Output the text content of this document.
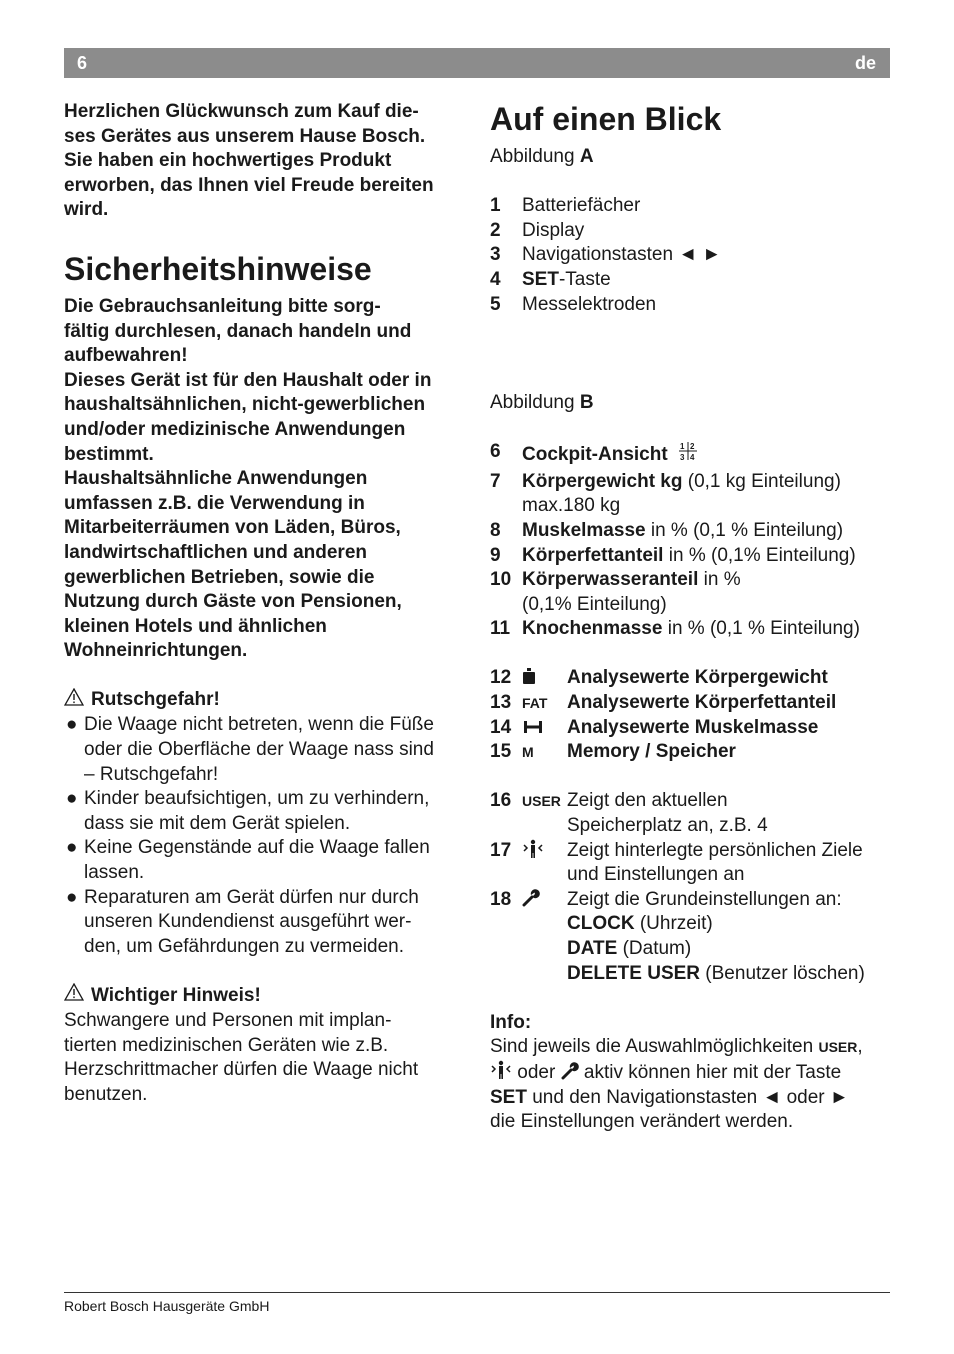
6	de
Herzlichen Glückwunsch zum Kauf die-
ses Gerätes aus unserem Hause Bosch.
Sie haben ein hochwertiges Produkt
erworben, das Ihnen viel Freude bereiten
wird.
Sicherheitshinweise
Die Gebrauchsanleitung bitte sorg-
fältig durchlesen, danach handeln und
aufbewahren!
Dieses Gerät ist für den Haushalt oder in
haushaltsähnlichen, nicht-gewerblichen
und/oder medizinische Anwendungen
bestimmt.
Haushaltsähnliche Anwendungen
umfassen z.B. die Verwendung in
Mitarbeiterräumen von Läden, Büros,
landwirtschaftlichen und anderen
gewerblichen Betrieben, sowie die
Nutzung durch Gäste von Pensionen,
kleinen Hotels und ähnlichen
Wohneinrichtungen.
Rutschgefahr!
● Die Waage nicht betreten, wenn die Füße
oder die Oberfläche der Waage nass sind
– Rutschgefahr!
● Kinder beaufsichtigen, um zu verhindern,
dass sie mit dem Gerät spielen.
● Keine Gegenstände auf die Waage fallen
lassen.
● Reparaturen am Gerät dürfen nur durch
unseren Kundendienst ausgeführt wer-
den, um Gefährdungen zu vermeiden.
Wichtiger Hinweis!
Schwangere und Personen mit implan-
tierten medizinischen Geräten wie z.B.
Herzschrittmacher dürfen die Waage nicht
benutzen.
Auf einen Blick

Abbildung A

1	Batteriefächer
2	Display
3	Navigationstasten ◄ ►
4	SET-Taste
5	Messelektroden

Abbildung B

6	Cockpit-Ansicht 1 2
3 4
7	Körpergewicht kg (0,1 kg Einteilung)
max.180 kg
8	Muskelmasse in % (0,1 % Einteilung)
9	Körperfettanteil in % (0,1% Einteilung)
10 Körperwasseranteil in %
(0,1% Einteilung)
11 Knochenmasse in % (0,1 % Einteilung)
12	Analysewerte Körpergewicht
13 FAT	Analysewerte Körperfettanteil
14	Analysewerte Muskelmasse
15 M	Memory / Speicher
16 USER Zeigt den aktuellen
Speicherplatz an, z.B. 4
17	Zeigt hinterlegte persönlichen Ziele
und Einstellungen an
18	Zeigt die Grundeinstellungen an:
CLOCK (Uhrzeit)
DATE (Datum)
DELETE USER (Benutzer löschen)

Info:

Sind jeweils die Auswahlmöglichkeiten USER,
oder  aktiv können hier mit der Taste
SET und den Navigationstasten ◄ oder ►
die Einstellungen verändert werden.
Robert Bosch Hausgeräte GmbH
